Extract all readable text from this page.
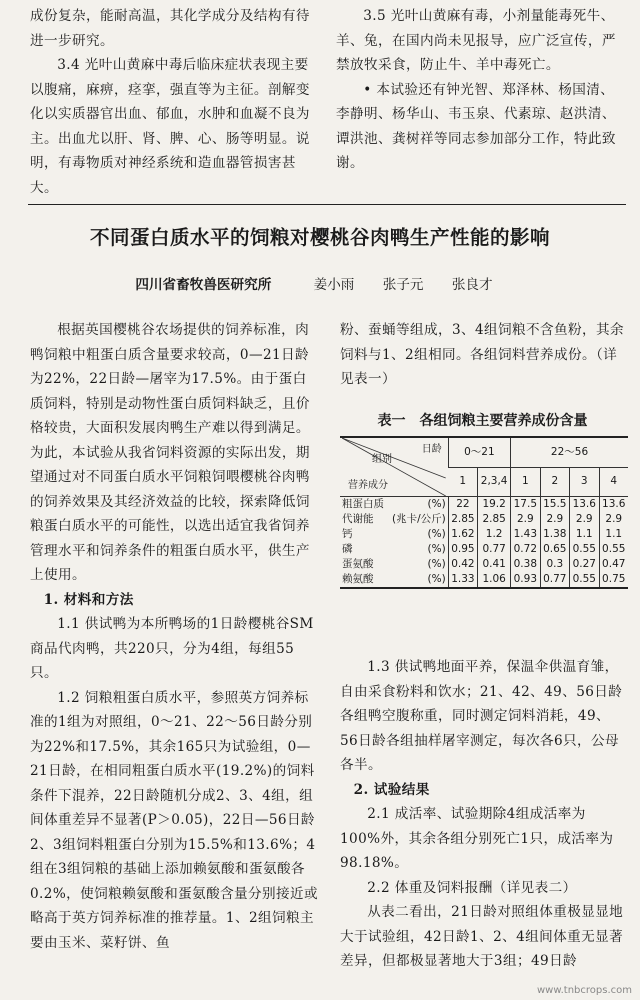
成份复杂，能耐高温，其化学成分及结构有待进一步研究。

3.4 光叶山黄麻中毒后临床症状表现主要以腹痛，麻痹，痉挛，强直等为主征。剖解变化以实质器官出血、郁血，水肿和血凝不良为主。出血尤以肝、肾、脾、心、肠等明显。说明，有毒物质对神经系统和造血器管损害甚大。

3.5 光叶山黄麻有毒，小剂量能毒死牛、羊、兔，在国内尚未见报导，应广泛宣传，严禁放牧采食，防止牛、羊中毒死亡。

• 本试验还有钟光智、郑泽林、杨国清、李静明、杨华山、韦玉泉、代素琼、赵洪清、谭洪池、龚树祥等同志参加部分工作，特此致谢。

不同蛋白质水平的饲粮对樱桃谷肉鸭生产性能的影响
四川省畜牧兽医研究所	姜小雨 张子元 张良才

根据英国樱桃谷农场提供的饲养标准，肉鸭饲粮中粗蛋白质含量要求较高，0—21日龄为22%，22日龄—屠宰为17.5%。由于蛋白质饲料，特别是动物性蛋白质饲料缺乏，且价格较贵，大面积发展肉鸭生产难以得到满足。为此，本试验从我省饲料资源的实际出发，期望通过对不同蛋白质水平饲粮饲喂樱桃谷肉鸭的饲养效果及其经济效益的比较，探索降低饲粮蛋白质水平的可能性，以选出适宜我省饲养管理水平和饲养条件的粗蛋白质水平，供生产上使用。

1. 材料和方法

1.1 供试鸭为本所鸭场的1日龄樱桃谷SM商品代肉鸭，共220只，分为4组，每组55只。

1.2 饲粮粗蛋白质水平，参照英方饲养标准的1组为对照组，0～21、22～56日龄分别为22%和17.5%，其余165只为试验组，0—21日龄，在相同粗蛋白质水平(19.2%)的饲料条件下混养，22日龄随机分成2、3、4组，组间体重差异不显著(P＞0.05)，22日—56日龄2、3组饲料粗蛋白分别为15.5%和13.6%；4组在3组饲粮的基础上添加赖氨酸和蛋氨酸各0.2%，使饲粮赖氨酸和蛋氨酸含量分别接近或略高于英方饲养标准的推荐量。1、2组饲粮主要由玉米、菜籽饼、鱼

粉、蚕蛹等组成，3、4组饲粮不含鱼粉，其余饲料与1、2组相同。各组饲料营养成份。（详见表一）

表一　各组饲粮主要营养成份含量
日龄
组别
营养成分		0～21		22～56			
		1	2,3,4	1	2	3	4
粗蛋白质	(%)	22	19.2	17.5	15.5	13.6	13.6
代谢能	(兆卡/公斤)	2.85	2.85	2.9	2.9	2.9	2.9
钙	(%)	1.62	1.2	1.43	1.38	1.1	1.1
磷	(%)	0.95	0.77	0.72	0.65	0.55	0.55
蛋氨酸	(%)	0.42	0.41	0.38	0.3	0.27	0.47
赖氨酸	(%)	1.33	1.06	0.93	0.77	0.55	0.75

1.3 供试鸭地面平养，保温伞供温育雏，自由采食粉料和饮水；21、42、49、56日龄各组鸭空腹称重，同时测定饲料消耗，49、56日龄各组抽样屠宰测定，每次各6只，公母各半。

2. 试验结果

2.1 成活率、试验期除4组成活率为100%外，其余各组分别死亡1只，成活率为98.18%。

2.2 体重及饲料报酬（详见表二）

从表二看出，21日龄对照组体重极显显地大于试验组，42日龄1、2、4组间体重无显著差异，但都极显著地大于3组；49日龄

www.tnbcrops.com
